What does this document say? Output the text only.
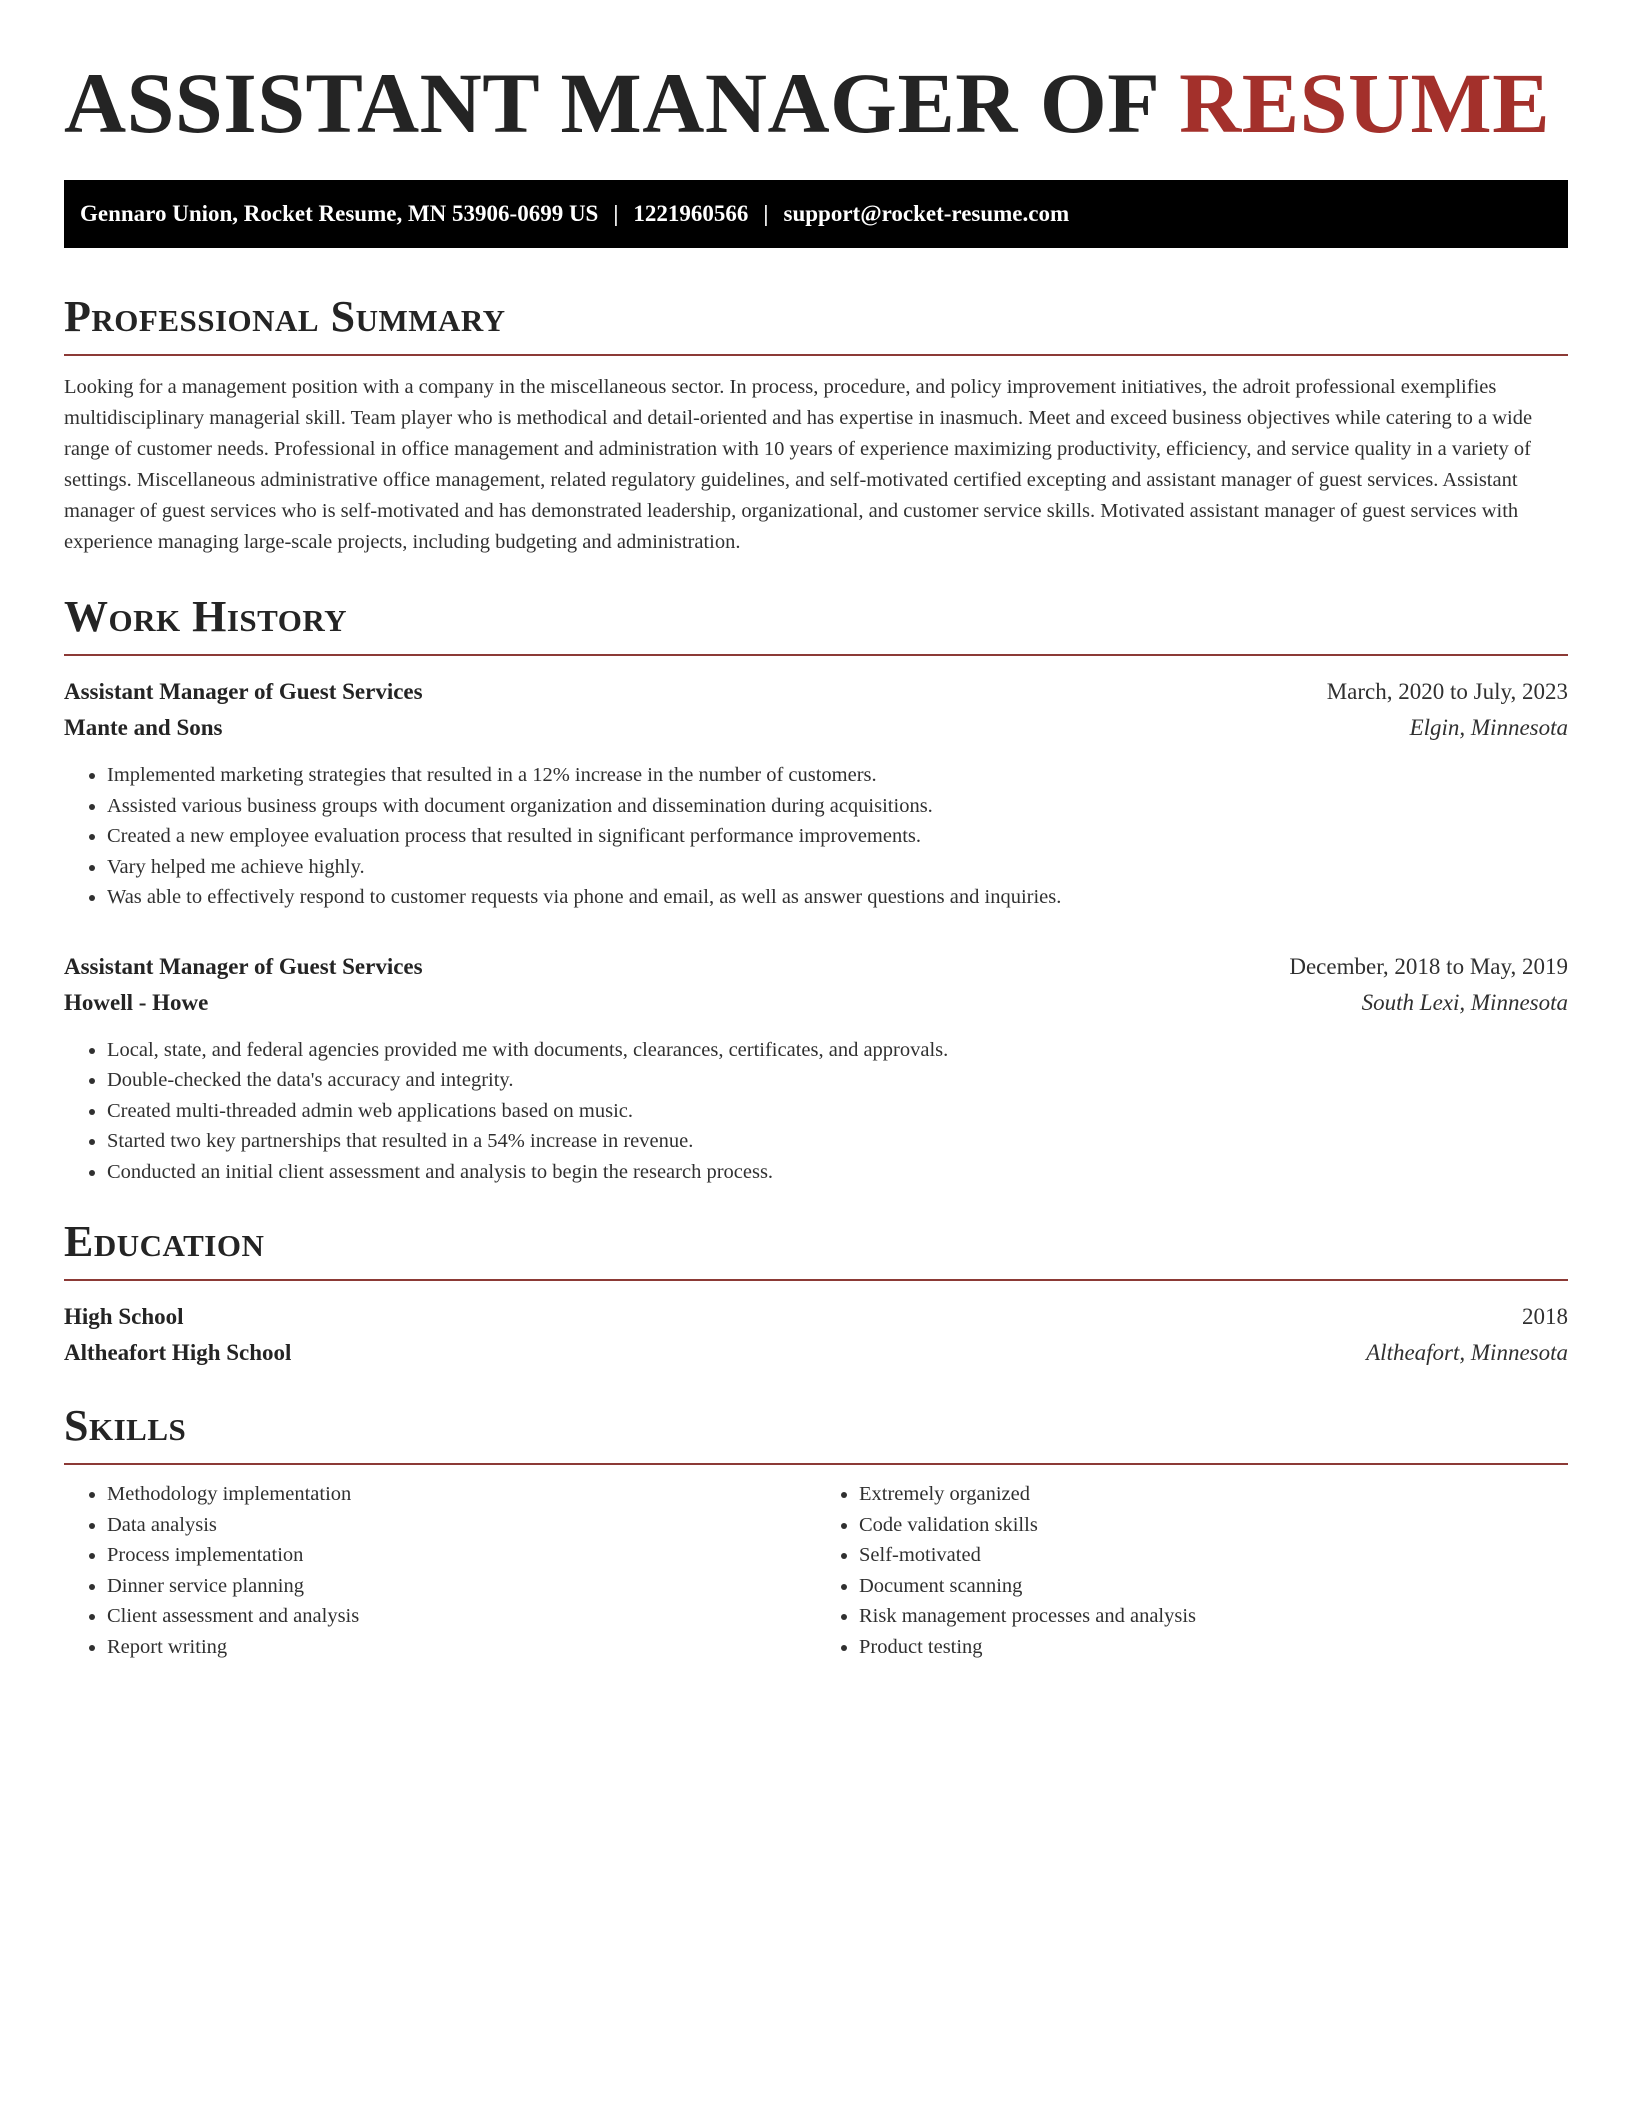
ASSISTANT MANAGER OF RESUME
Gennaro Union, Rocket Resume, MN 53906-0699 US | 1221960566 | support@rocket-resume.com
Professional Summary

Looking for a management position with a company in the miscellaneous sector. In process, procedure, and policy improvement initiatives, the adroit professional exemplifies multidisciplinary managerial skill. Team player who is methodical and detail-oriented and has expertise in inasmuch. Meet and exceed business objectives while catering to a wide range of customer needs. Professional in office management and administration with 10 years of experience maximizing productivity, efficiency, and service quality in a variety of settings. Miscellaneous administrative office management, related regulatory guidelines, and self-motivated certified excepting and assistant manager of guest services. Assistant manager of guest services who is self-motivated and has demonstrated leadership, organizational, and customer service skills. Motivated assistant manager of guest services with experience managing large-scale projects, including budgeting and administration.

Work History
Assistant Manager of Guest Services	March, 2020 to July, 2023
Mante and Sons	Elgin, Minnesota
• Implemented marketing strategies that resulted in a 12% increase in the number of customers.
• Assisted various business groups with document organization and dissemination during acquisitions.
• Created a new employee evaluation process that resulted in significant performance improvements.
• Vary helped me achieve highly.
• Was able to effectively respond to customer requests via phone and email, as well as answer questions and inquiries.
Assistant Manager of Guest Services	December, 2018 to May, 2019
Howell - Howe	South Lexi, Minnesota
• Local, state, and federal agencies provided me with documents, clearances, certificates, and approvals.
• Double-checked the data's accuracy and integrity.
• Created multi-threaded admin web applications based on music.
• Started two key partnerships that resulted in a 54% increase in revenue.
• Conducted an initial client assessment and analysis to begin the research process.
Education
High School	2018
Altheafort High School	Altheafort, Minnesota
Skills
• Methodology implementation
• Data analysis
• Process implementation
• Dinner service planning
• Client assessment and analysis
• Report writing
• Extremely organized
• Code validation skills
• Self-motivated
• Document scanning
• Risk management processes and analysis
• Product testing
